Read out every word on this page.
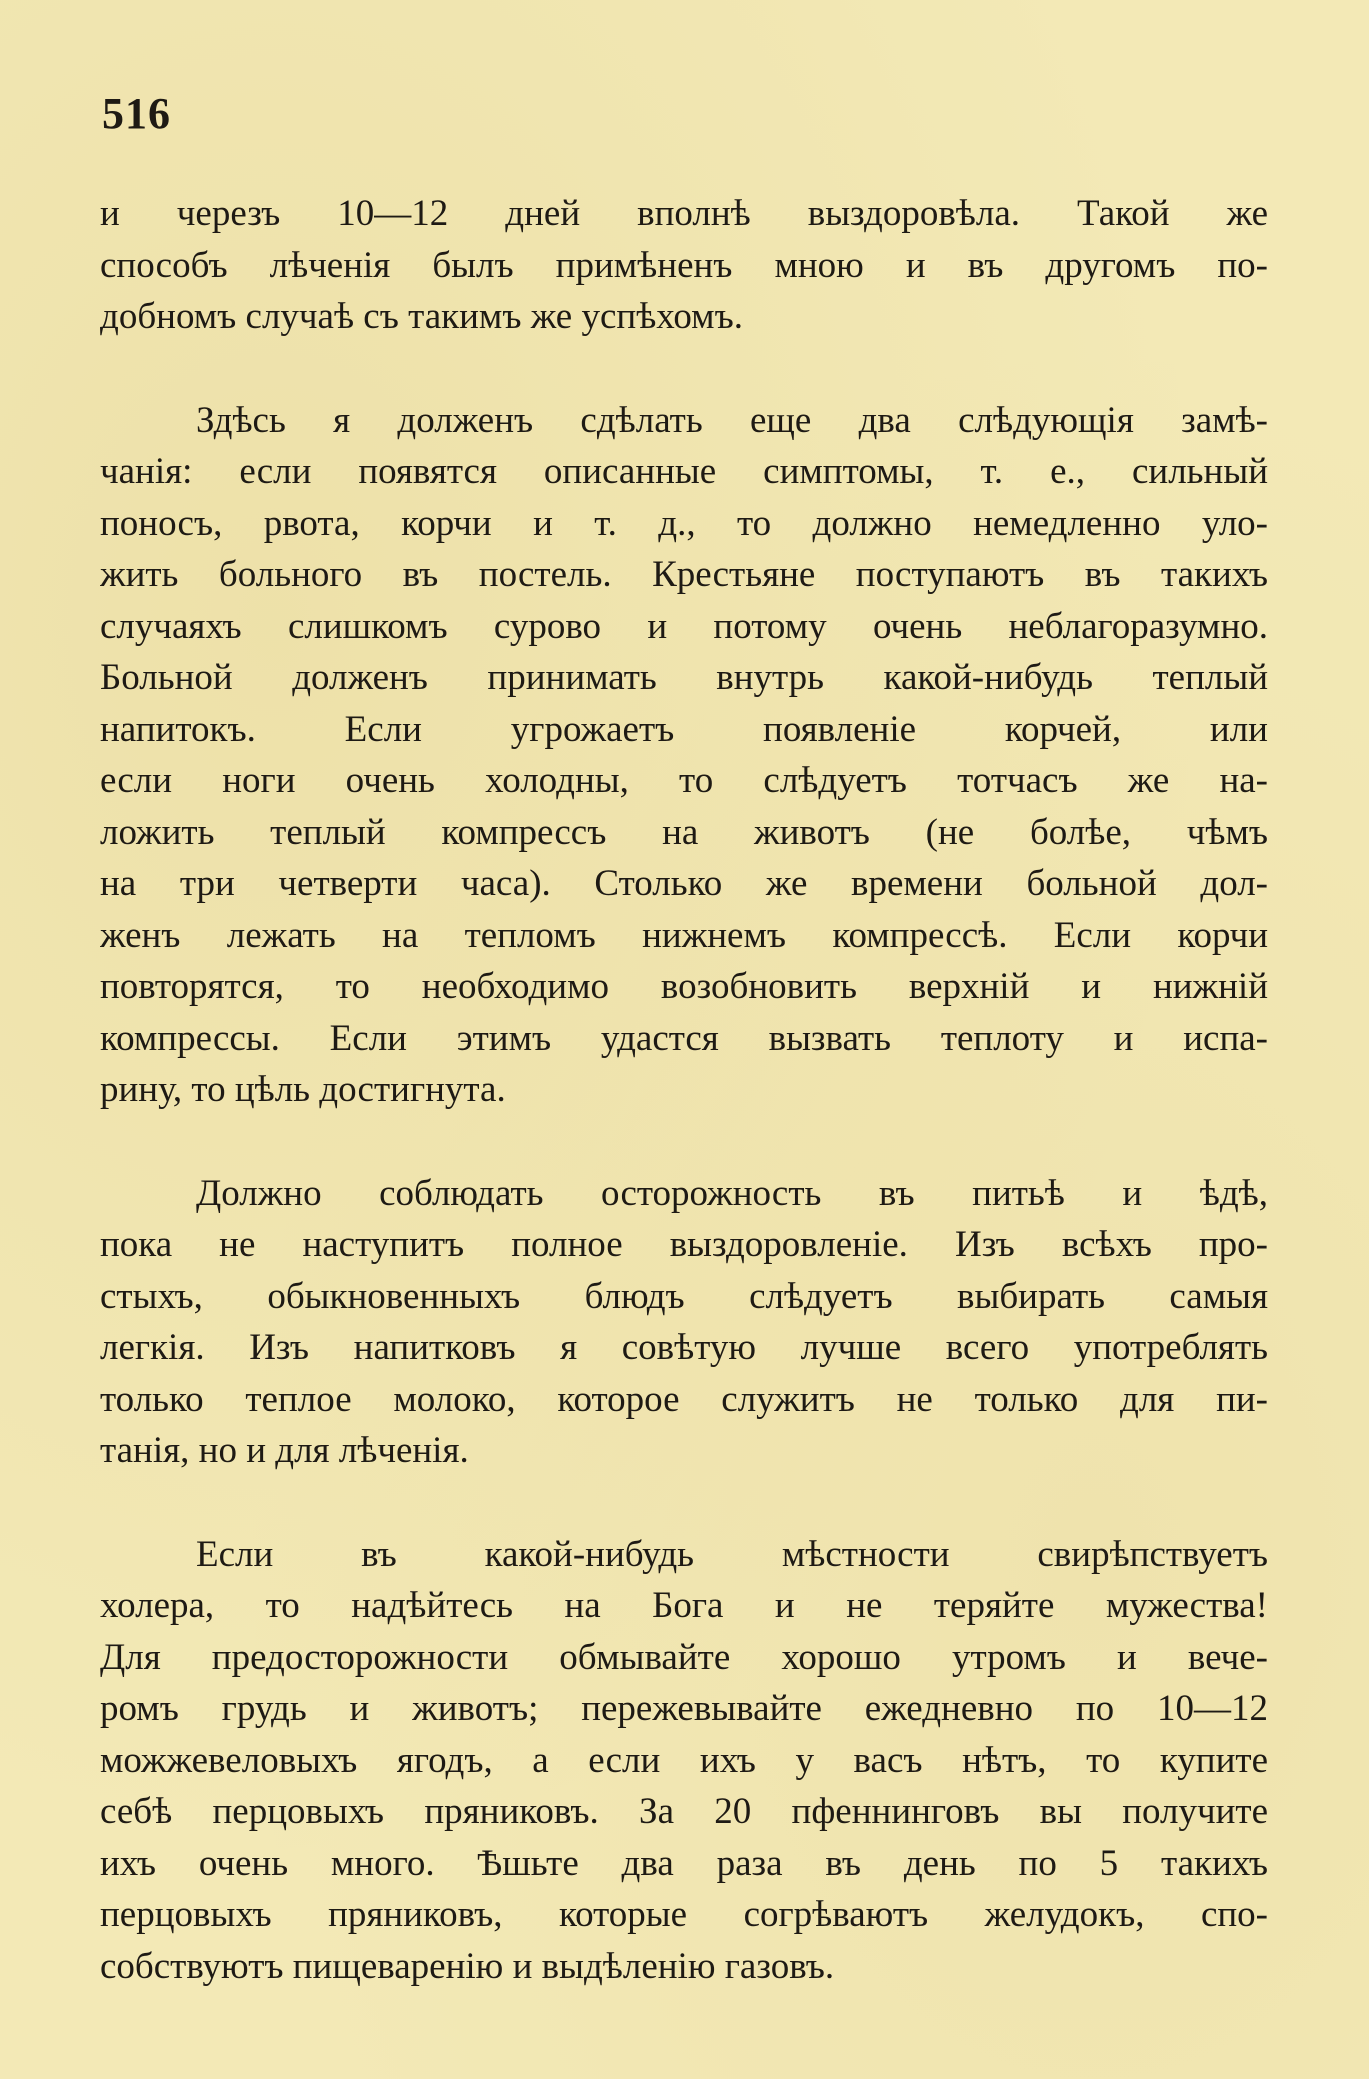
516
и черезъ 10—12 дней вполнѣ выздоровѣла. Такой же
способъ лѣченія былъ примѣненъ мною и въ другомъ по-
добномъ случаѣ съ такимъ же успѣхомъ.
Здѣсь я долженъ сдѣлать еще два слѣдующія замѣ-
чанія: если появятся описанные симптомы, т. е., сильный
поносъ, рвота, корчи и т. д., то должно немедленно уло-
жить больного въ постель. Крестьяне поступаютъ въ такихъ
случаяхъ слишкомъ сурово и потому очень неблагоразумно.
Больной долженъ принимать внутрь какой-нибудь теплый
напитокъ. Если угрожаетъ появленіе корчей, или
если ноги очень холодны, то слѣдуетъ тотчасъ же на-
ложить теплый компрессъ на животъ (не болѣе, чѣмъ
на три четверти часа). Столько же времени больной дол-
женъ лежать на тепломъ нижнемъ компрессѣ. Если корчи
повторятся, то необходимо возобновить верхній и нижній
компрессы. Если этимъ удастся вызвать теплоту и испа-
рину, то цѣль достигнута.
Должно соблюдать осторожность въ питьѣ и ѣдѣ,
пока не наступитъ полное выздоровленіе. Изъ всѣхъ про-
стыхъ, обыкновенныхъ блюдъ слѣдуетъ выбирать самыя
легкія. Изъ напитковъ я совѣтую лучше всего употреблять
только теплое молоко, которое служитъ не только для пи-
танія, но и для лѣченія.
Если въ какой-нибудь мѣстности свирѣпствуетъ
холера, то надѣйтесь на Бога и не теряйте мужества!
Для предосторожности обмывайте хорошо утромъ и вече-
ромъ грудь и животъ; пережевывайте ежедневно по 10—12
можжевеловыхъ ягодъ, а если ихъ у васъ нѣтъ, то купите
себѣ перцовыхъ пряниковъ. За 20 пфеннинговъ вы получите
ихъ очень много. Ѣшьте два раза въ день по 5 такихъ
перцовыхъ пряниковъ, которые согрѣваютъ желудокъ, спо-
собствуютъ пищеваренію и выдѣленію газовъ.
